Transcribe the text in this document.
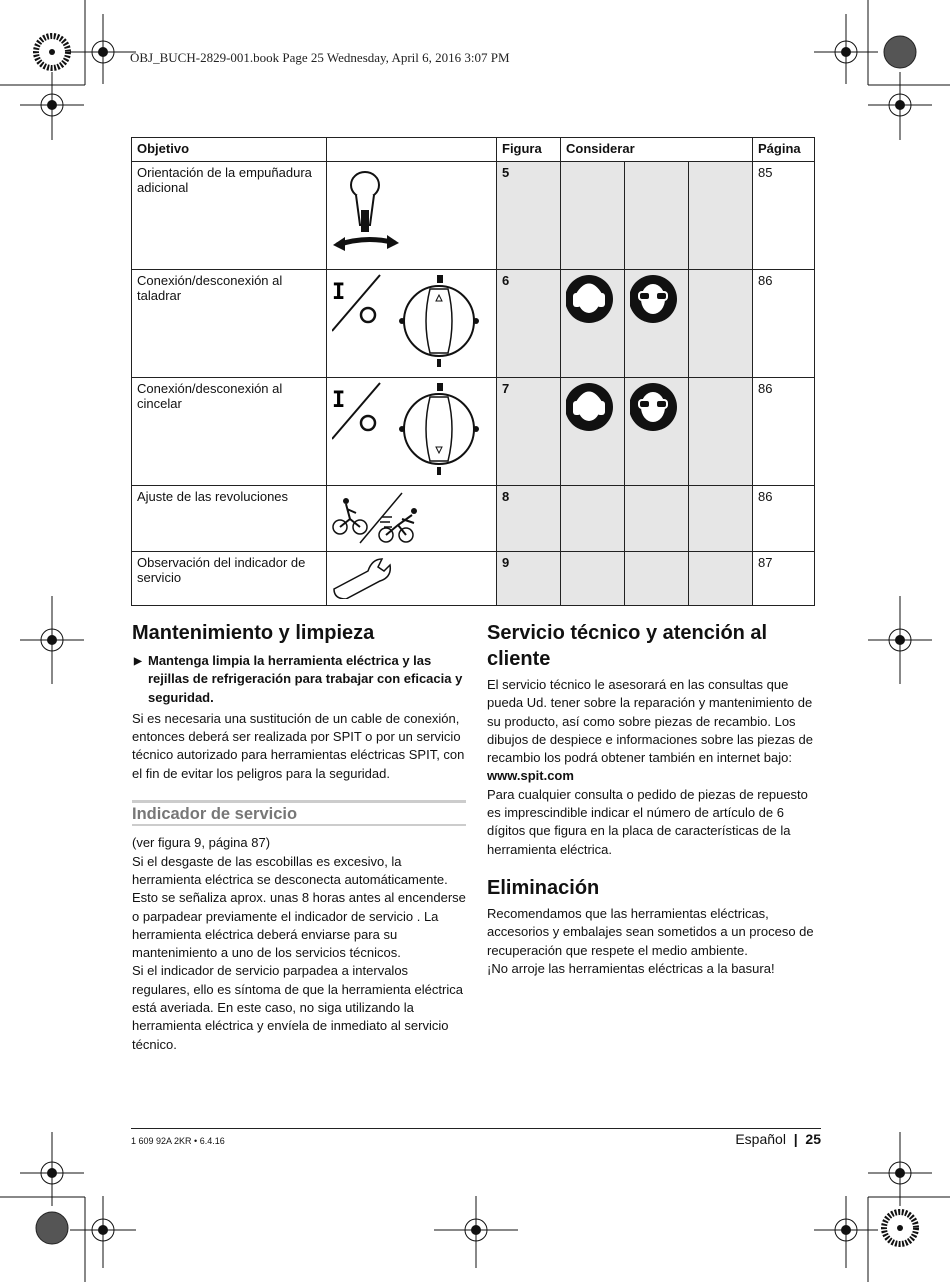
OBJ_BUCH-2829-001.book Page 25 Wednesday, April 6, 2016 3:07 PM
Objetivo		Figura	Considerar			Página
Orientación de la empuñadura adicional		5				85
Conexión/desconexión al taladrar	I	6				86
Conexión/desconexión al cincelar	I	7				86
Ajuste de las revoluciones		8				86
Observación del indicador de servicio		9				87
Mantenimiento y limpieza
▶ Mantenga limpia la herramienta eléctrica y las rejillas de refrigeración para trabajar con eficacia y seguridad.

Si es necesaria una sustitución de un cable de conexión, entonces deberá ser realizada por SPIT o por un servicio técnico autorizado para herramientas eléctricas SPIT, con el fin de evitar los peligros para la seguridad.

Indicador de servicio

(ver figura 9, página 87)

Si el desgaste de las escobillas es excesivo, la herramienta eléctrica se desconecta automáticamente. Esto se señaliza aprox. unas 8 horas antes al encenderse o parpadear previamente el indicador de servicio . La herramienta eléctrica deberá enviarse para su mantenimiento a uno de los servicios técnicos.

Si el indicador de servicio parpadea a intervalos regulares, ello es síntoma de que la herramienta eléctrica está averiada. En este caso, no siga utilizando la herramienta eléctrica y envíela de inmediato al servicio técnico.

Servicio técnico y atención al cliente

El servicio técnico le asesorará en las consultas que pueda Ud. tener sobre la reparación y mantenimiento de su producto, así como sobre piezas de recambio. Los dibujos de despiece e informaciones sobre las piezas de recambio los podrá obtener también en internet bajo:

www.spit.com

Para cualquier consulta o pedido de piezas de repuesto es imprescindible indicar el número de artículo de 6 dígitos que figura en la placa de características de la herramienta eléctrica.

Eliminación

Recomendamos que las herramientas eléctricas, accesorios y embalajes sean sometidos a un proceso de recuperación que respete el medio ambiente.

¡No arroje las herramientas eléctricas a la basura!

1 609 92A 2KR • 6.4.16	Español | 25
